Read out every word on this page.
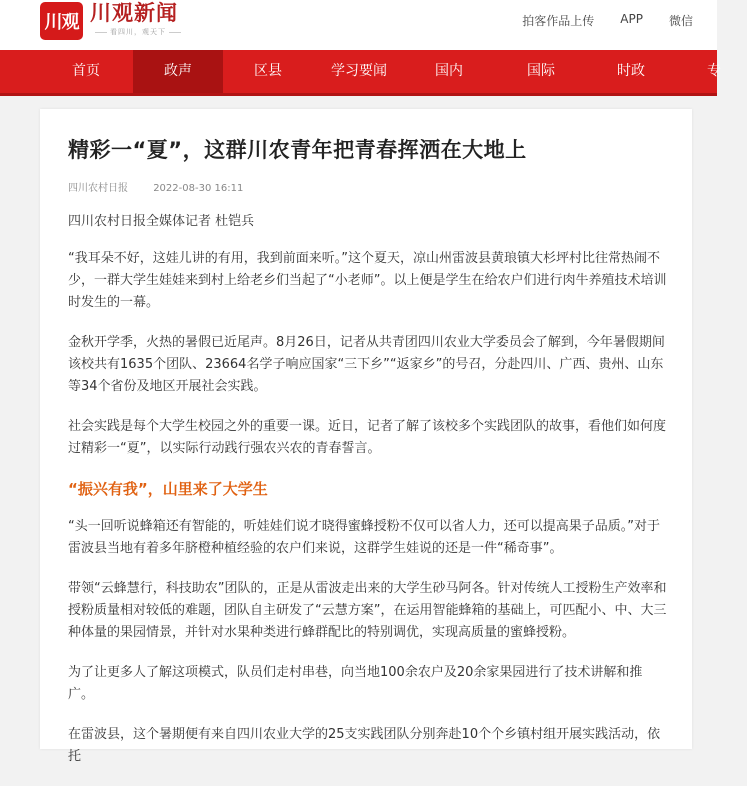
川观 川观新闻
看四川，观天下
拍客作品上传 APP 微信
首页	政声	区县	学习要闻	国内	国际	时政	专
精彩一“夏”，这群川农青年把青春挥洒在大地上
四川农村日报	2022-08-30 16:11

四川农村日报全媒体记者 杜铠兵

“我耳朵不好，这娃儿讲的有用，我到前面来听。”这个夏天，凉山州雷波县黄琅镇大杉坪村比往常热闹不少，一群大学生娃娃来到村上给老乡们当起了“小老师”。以上便是学生在给农户们进行肉牛养殖技术培训时发生的一幕。

金秋开学季，火热的暑假已近尾声。8月26日，记者从共青团四川农业大学委员会了解到，今年暑假期间该校共有1635个团队、23664名学子响应国家“三下乡”“返家乡”的号召，分赴四川、广西、贵州、山东等34个省份及地区开展社会实践。

社会实践是每个大学生校园之外的重要一课。近日，记者了解了该校多个实践团队的故事，看他们如何度过精彩一“夏”，以实际行动践行强农兴农的青春誓言。

“振兴有我”，山里来了大学生

“头一回听说蜂箱还有智能的，听娃娃们说才晓得蜜蜂授粉不仅可以省人力，还可以提高果子品质。”对于雷波县当地有着多年脐橙种植经验的农户们来说，这群学生娃说的还是一件“稀奇事”。

带领“云蜂慧行，科技助农”团队的，正是从雷波走出来的大学生砂马阿各。针对传统人工授粉生产效率和授粉质量相对较低的难题，团队自主研发了“云慧方案”，在运用智能蜂箱的基础上，可匹配小、中、大三种体量的果园情景，并针对水果种类进行蜂群配比的特别调优，实现高质量的蜜蜂授粉。

为了让更多人了解这项模式，队员们走村串巷，向当地100余农户及20余家果园进行了技术讲解和推广。

在雷波县，这个暑期便有来自四川农业大学的25支实践团队分别奔赴10个个乡镇村组开展实践活动，依托
